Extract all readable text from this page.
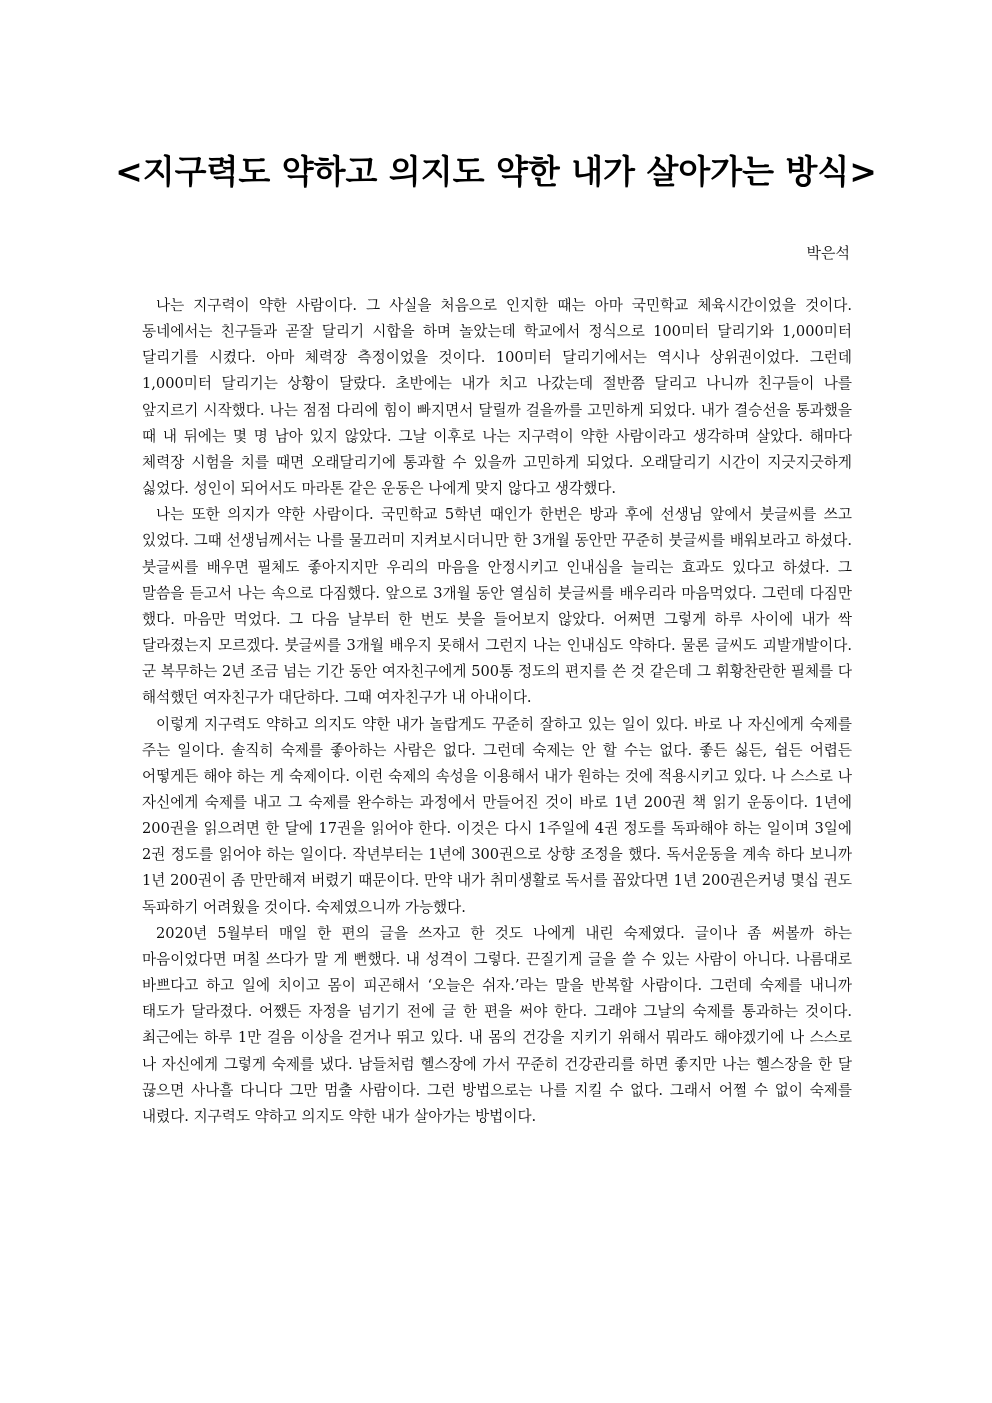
<지구력도 약하고 의지도 약한 내가 살아가는 방식>

박은석

나는 지구력이 약한 사람이다. 그 사실을 처음으로 인지한 때는 아마 국민학교 체육시간이었을 것이다. 동네에서는 친구들과 곧잘 달리기 시합을 하며 놀았는데 학교에서 정식으로 100미터 달리기와 1,000미터 달리기를 시켰다. 아마 체력장 측정이었을 것이다. 100미터 달리기에서는 역시나 상위권이었다. 그런데 1,000미터 달리기는 상황이 달랐다. 초반에는 내가 치고 나갔는데 절반쯤 달리고 나니까 친구들이 나를 앞지르기 시작했다. 나는 점점 다리에 힘이 빠지면서 달릴까 걸을까를 고민하게 되었다. 내가 결승선을 통과했을 때 내 뒤에는 몇 명 남아 있지 않았다. 그날 이후로 나는 지구력이 약한 사람이라고 생각하며 살았다. 해마다 체력장 시험을 치를 때면 오래달리기에 통과할 수 있을까 고민하게 되었다. 오래달리기 시간이 지긋지긋하게 싫었다. 성인이 되어서도 마라톤 같은 운동은 나에게 맞지 않다고 생각했다.

나는 또한 의지가 약한 사람이다. 국민학교 5학년 때인가 한번은 방과 후에 선생님 앞에서 붓글씨를 쓰고 있었다. 그때 선생님께서는 나를 물끄러미 지켜보시더니만 한 3개월 동안만 꾸준히 붓글씨를 배워보라고 하셨다. 붓글씨를 배우면 필체도 좋아지지만 우리의 마음을 안정시키고 인내심을 늘리는 효과도 있다고 하셨다. 그 말씀을 듣고서 나는 속으로 다짐했다. 앞으로 3개월 동안 열심히 붓글씨를 배우리라 마음먹었다. 그런데 다짐만 했다. 마음만 먹었다. 그 다음 날부터 한 번도 붓을 들어보지 않았다. 어쩌면 그렇게 하루 사이에 내가 싹 달라졌는지 모르겠다. 붓글씨를 3개월 배우지 못해서 그런지 나는 인내심도 약하다. 물론 글씨도 괴발개발이다. 군 복무하는 2년 조금 넘는 기간 동안 여자친구에게 500통 정도의 편지를 쓴 것 같은데 그 휘황찬란한 필체를 다 해석했던 여자친구가 대단하다. 그때 여자친구가 내 아내이다.

이렇게 지구력도 약하고 의지도 약한 내가 놀랍게도 꾸준히 잘하고 있는 일이 있다. 바로 나 자신에게 숙제를 주는 일이다. 솔직히 숙제를 좋아하는 사람은 없다. 그런데 숙제는 안 할 수는 없다. 좋든 싫든, 쉽든 어렵든 어떻게든 해야 하는 게 숙제이다. 이런 숙제의 속성을 이용해서 내가 원하는 것에 적용시키고 있다. 나 스스로 나 자신에게 숙제를 내고 그 숙제를 완수하는 과정에서 만들어진 것이 바로 1년 200권 책 읽기 운동이다. 1년에 200권을 읽으려면 한 달에 17권을 읽어야 한다. 이것은 다시 1주일에 4권 정도를 독파해야 하는 일이며 3일에 2권 정도를 읽어야 하는 일이다. 작년부터는 1년에 300권으로 상향 조정을 했다. 독서운동을 계속 하다 보니까 1년 200권이 좀 만만해져 버렸기 때문이다. 만약 내가 취미생활로 독서를 꼽았다면 1년 200권은커녕 몇십 권도 독파하기 어려웠을 것이다. 숙제였으니까 가능했다.

2020년 5월부터 매일 한 편의 글을 쓰자고 한 것도 나에게 내린 숙제였다. 글이나 좀 써볼까 하는 마음이었다면 며칠 쓰다가 말 게 뻔했다. 내 성격이 그렇다. 끈질기게 글을 쓸 수 있는 사람이 아니다. 나름대로 바쁘다고 하고 일에 치이고 몸이 피곤해서 ‘오늘은 쉬자.’라는 말을 반복할 사람이다. 그런데 숙제를 내니까 태도가 달라졌다. 어쨌든 자정을 넘기기 전에 글 한 편을 써야 한다. 그래야 그날의 숙제를 통과하는 것이다. 최근에는 하루 1만 걸음 이상을 걷거나 뛰고 있다. 내 몸의 건강을 지키기 위해서 뭐라도 해야겠기에 나 스스로 나 자신에게 그렇게 숙제를 냈다. 남들처럼 헬스장에 가서 꾸준히 건강관리를 하면 좋지만 나는 헬스장을 한 달 끊으면 사나흘 다니다 그만 멈출 사람이다. 그런 방법으로는 나를 지킬 수 없다. 그래서 어쩔 수 없이 숙제를 내렸다. 지구력도 약하고 의지도 약한 내가 살아가는 방법이다.
